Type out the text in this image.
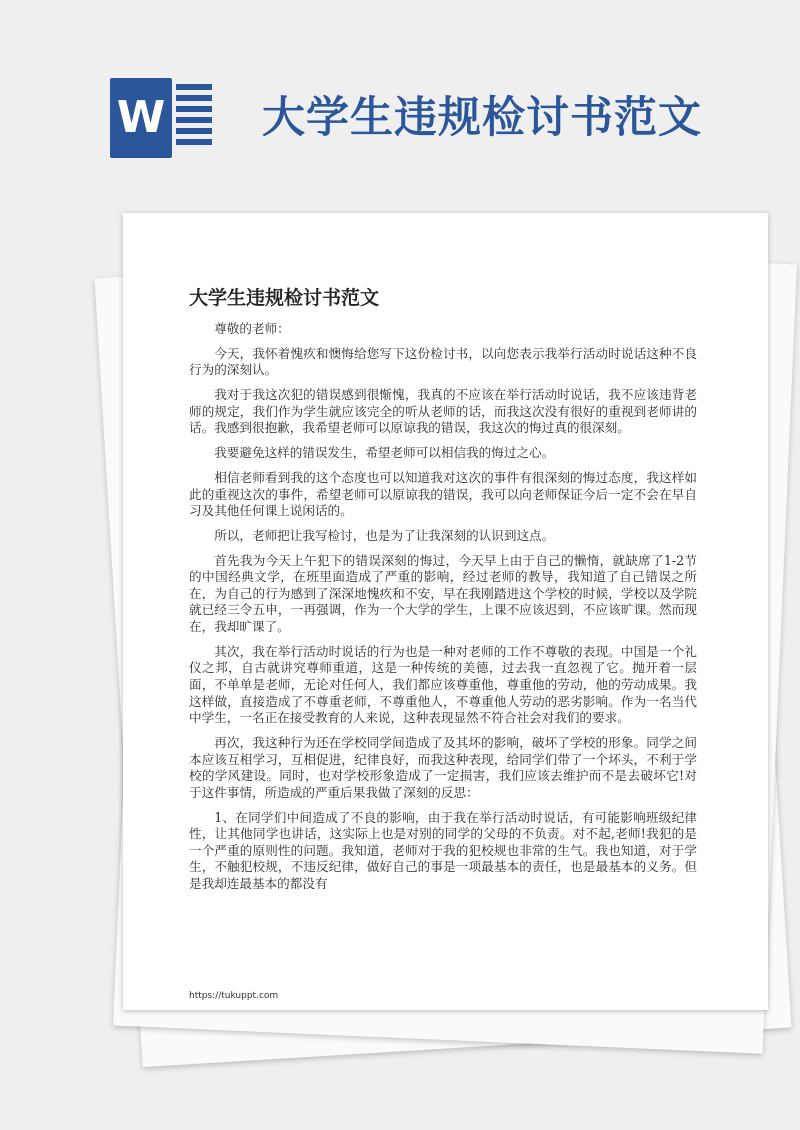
W 大学生违规检讨书范文
大学生违规检讨书范文

尊敬的老师：

今天，我怀着愧疚和懊悔给您写下这份检讨书，以向您表示我举行活动时说话这种不良行为的深刻认。

我对于我这次犯的错误感到很惭愧，我真的不应该在举行活动时说话，我不应该违背老师的规定，我们作为学生就应该完全的听从老师的话，而我这次没有很好的重视到老师讲的话。我感到很抱歉，我希望老师可以原谅我的错误，我这次的悔过真的很深刻。

我要避免这样的错误发生，希望老师可以相信我的悔过之心。

相信老师看到我的这个态度也可以知道我对这次的事件有很深刻的悔过态度，我这样如此的重视这次的事件，希望老师可以原谅我的错误，我可以向老师保证今后一定不会在早自习及其他任何课上说闲话的。

所以，老师把让我写检讨，也是为了让我深刻的认识到这点。

首先我为今天上午犯下的错误深刻的悔过，今天早上由于自己的懒惰，就缺席了1-2节的中国经典文学，在班里面造成了严重的影响，经过老师的教导，我知道了自己错误之所在，为自己的行为感到了深深地愧疚和不安，早在我刚踏进这个学校的时候，学校以及学院就已经三令五申，一再强调，作为一个大学的学生，上课不应该迟到，不应该旷课。然而现在，我却旷课了。

其次，我在举行活动时说话的行为也是一种对老师的工作不尊敬的表现。中国是一个礼仪之邦，自古就讲究尊师重道，这是一种传统的美德，过去我一直忽视了它。抛开着一层面，不单单是老师，无论对任何人，我们都应该尊重他，尊重他的劳动，他的劳动成果。我这样做，直接造成了不尊重老师，不尊重他人，不尊重他人劳动的恶劣影响。作为一名当代中学生，一名正在接受教育的人来说，这种表现显然不符合社会对我们的要求。

再次，我这种行为还在学校同学间造成了及其坏的影响，破坏了学校的形象。同学之间本应该互相学习，互相促进，纪律良好，而我这种表现，给同学们带了一个坏头，不利于学校的学风建设。同时，也对学校形象造成了一定损害，我们应该去维护而不是去破坏它!对于这件事情，所造成的严重后果我做了深刻的反思：

1、在同学们中间造成了不良的影响，由于我在举行活动时说话，有可能影响班级纪律性，让其他同学也讲话，这实际上也是对别的同学的父母的不负责。对不起,老师!我犯的是一个严重的原则性的问题。我知道，老师对于我的犯校规也非常的生气。我也知道，对于学生，不触犯校规，不违反纪律，做好自己的事是一项最基本的责任，也是最基本的义务。但是我却连最基本的都没有

https://tukuppt.com
